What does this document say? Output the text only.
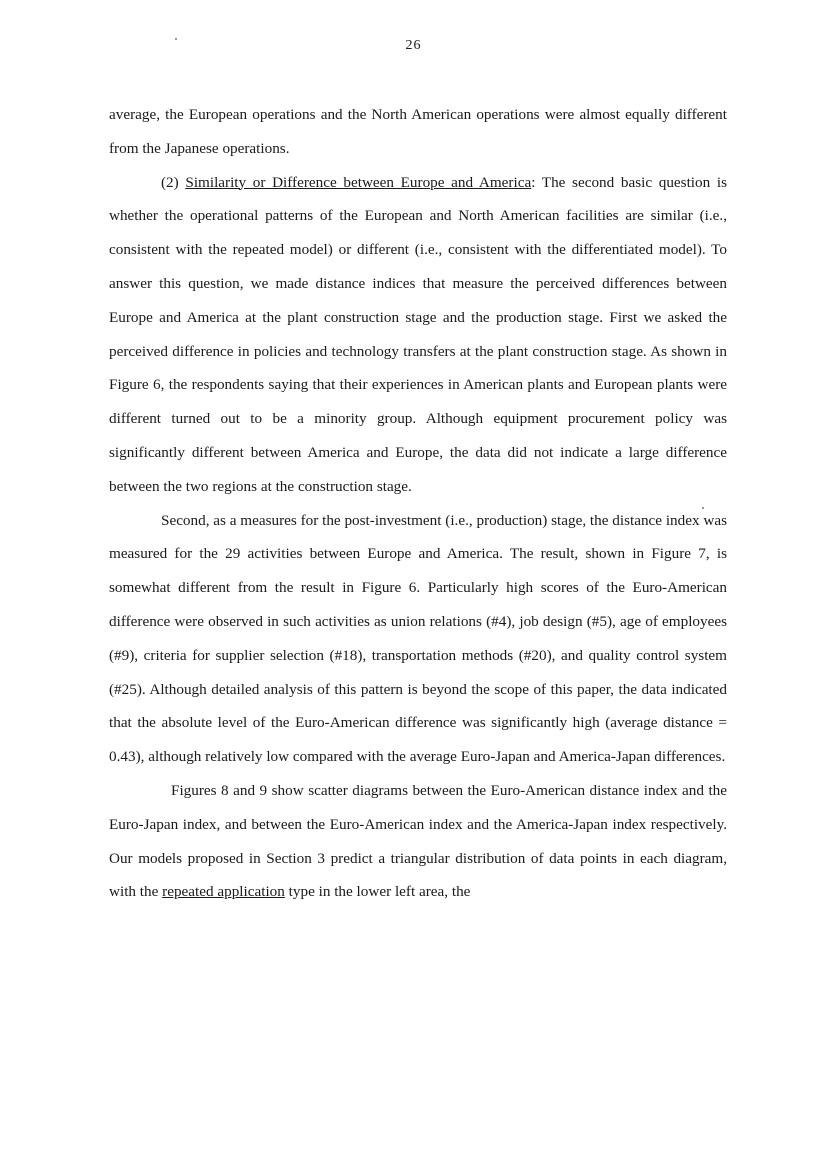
26

average, the European operations and the North American operations were almost equally different from the Japanese operations.

(2) Similarity or Difference between Europe and America: The second basic question is whether the operational patterns of the European and North American facilities are similar (i.e., consistent with the repeated model) or different (i.e., consistent with the differentiated model). To answer this question, we made distance indices that measure the perceived differences between Europe and America at the plant construction stage and the production stage. First we asked the perceived difference in policies and technology transfers at the plant construction stage. As shown in Figure 6, the respondents saying that their experiences in American plants and European plants were different turned out to be a minority group. Although equipment procurement policy was significantly different between America and Europe, the data did not indicate a large difference between the two regions at the construction stage.

Second, as a measures for the post-investment (i.e., production) stage, the distance index was measured for the 29 activities between Europe and America. The result, shown in Figure 7, is somewhat different from the result in Figure 6. Particularly high scores of the Euro-American difference were observed in such activities as union relations (#4), job design (#5), age of employees (#9), criteria for supplier selection (#18), transportation methods (#20), and quality control system (#25). Although detailed analysis of this pattern is beyond the scope of this paper, the data indicated that the absolute level of the Euro-American difference was significantly high (average distance = 0.43), although relatively low compared with the average Euro-Japan and America-Japan differences.

Figures 8 and 9 show scatter diagrams between the Euro-American distance index and the Euro-Japan index, and between the Euro-American index and the America-Japan index respectively. Our models proposed in Section 3 predict a triangular distribution of data points in each diagram, with the repeated application type in the lower left area, the
